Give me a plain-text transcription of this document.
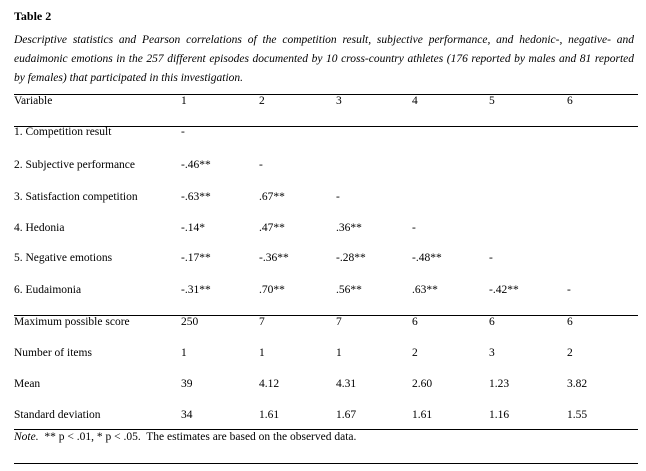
Table 2
Descriptive statistics and Pearson correlations of the competition result, subjective performance, and hedonic-, negative- and eudaimonic emotions in the 257 different episodes documented by 10 cross-country athletes (176 reported by males and 81 reported by females) that participated in this investigation.
Variable	1	2	3	4	5	6
1. Competition result	-
2. Subjective performance	-.46**	-
3. Satisfaction competition	-.63**	.67**	-
4. Hedonia	-.14*	.47**	.36**	-
5. Negative emotions	-.17**	-.36**	-.28**	-.48**	-
6. Eudaimonia	-.31**	.70**	.56**	.63**	-.42**	-
Maximum possible score	250	7	7	6	6	6
Number of items	1	1	1	2	3	2
Mean	39	4.12	4.31	2.60	1.23	3.82
Standard deviation	34	1.61	1.67	1.61	1.16	1.55
Note. ** p < .01, * p < .05. The estimates are based on the observed data.
